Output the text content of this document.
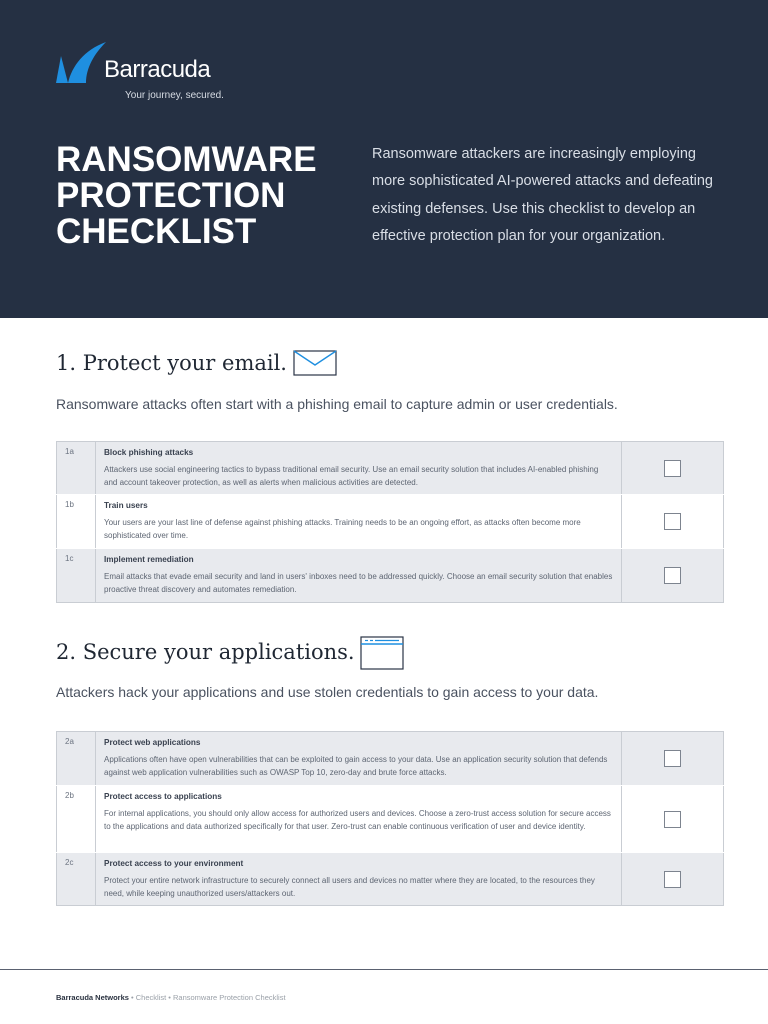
Barracuda
Your journey, secured.
RANSOMWARE
PROTECTION
CHECKLIST
Ransomware attackers are increasingly employing more sophisticated AI-powered attacks and defeating existing defenses. Use this checklist to develop an effective protection plan for your organization.
1. Protect your email.
Ransomware attacks often start with a phishing email to capture admin or user credentials.
1a	Block phishing attacks
Attackers use social engineering tactics to bypass traditional email security. Use an email security solution that includes AI-enabled phishing and account takeover protection, as well as alerts when malicious activities are detected.	

1b	Train users
Your users are your last line of defense against phishing attacks. Training needs to be an ongoing effort, as attacks often become more sophisticated over time.	

1c	Implement remediation
Email attacks that evade email security and land in users' inboxes need to be addressed quickly. Choose an email security solution that enables proactive threat discovery and automates remediation.	

2. Secure your applications.
Attackers hack your applications and use stolen credentials to gain access to your data.
2a	Protect web applications
Applications often have open vulnerabilities that can be exploited to gain access to your data. Use an application security solution that defends against web application vulnerabilities such as OWASP Top 10, zero-day and brute force attacks.	

2b	Protect access to applications
For internal applications, you should only allow access for authorized users and devices. Choose a zero-trust access solution for secure access to the applications and data authorized specifically for that user. Zero-trust can enable continuous verification of user and device identity.	

2c	Protect access to your environment
Protect your entire network infrastructure to securely connect all users and devices no matter where they are located, to the resources they need, while keeping unauthorized users/attackers out.	

Barracuda Networks • Checklist • Ransomware Protection Checklist
